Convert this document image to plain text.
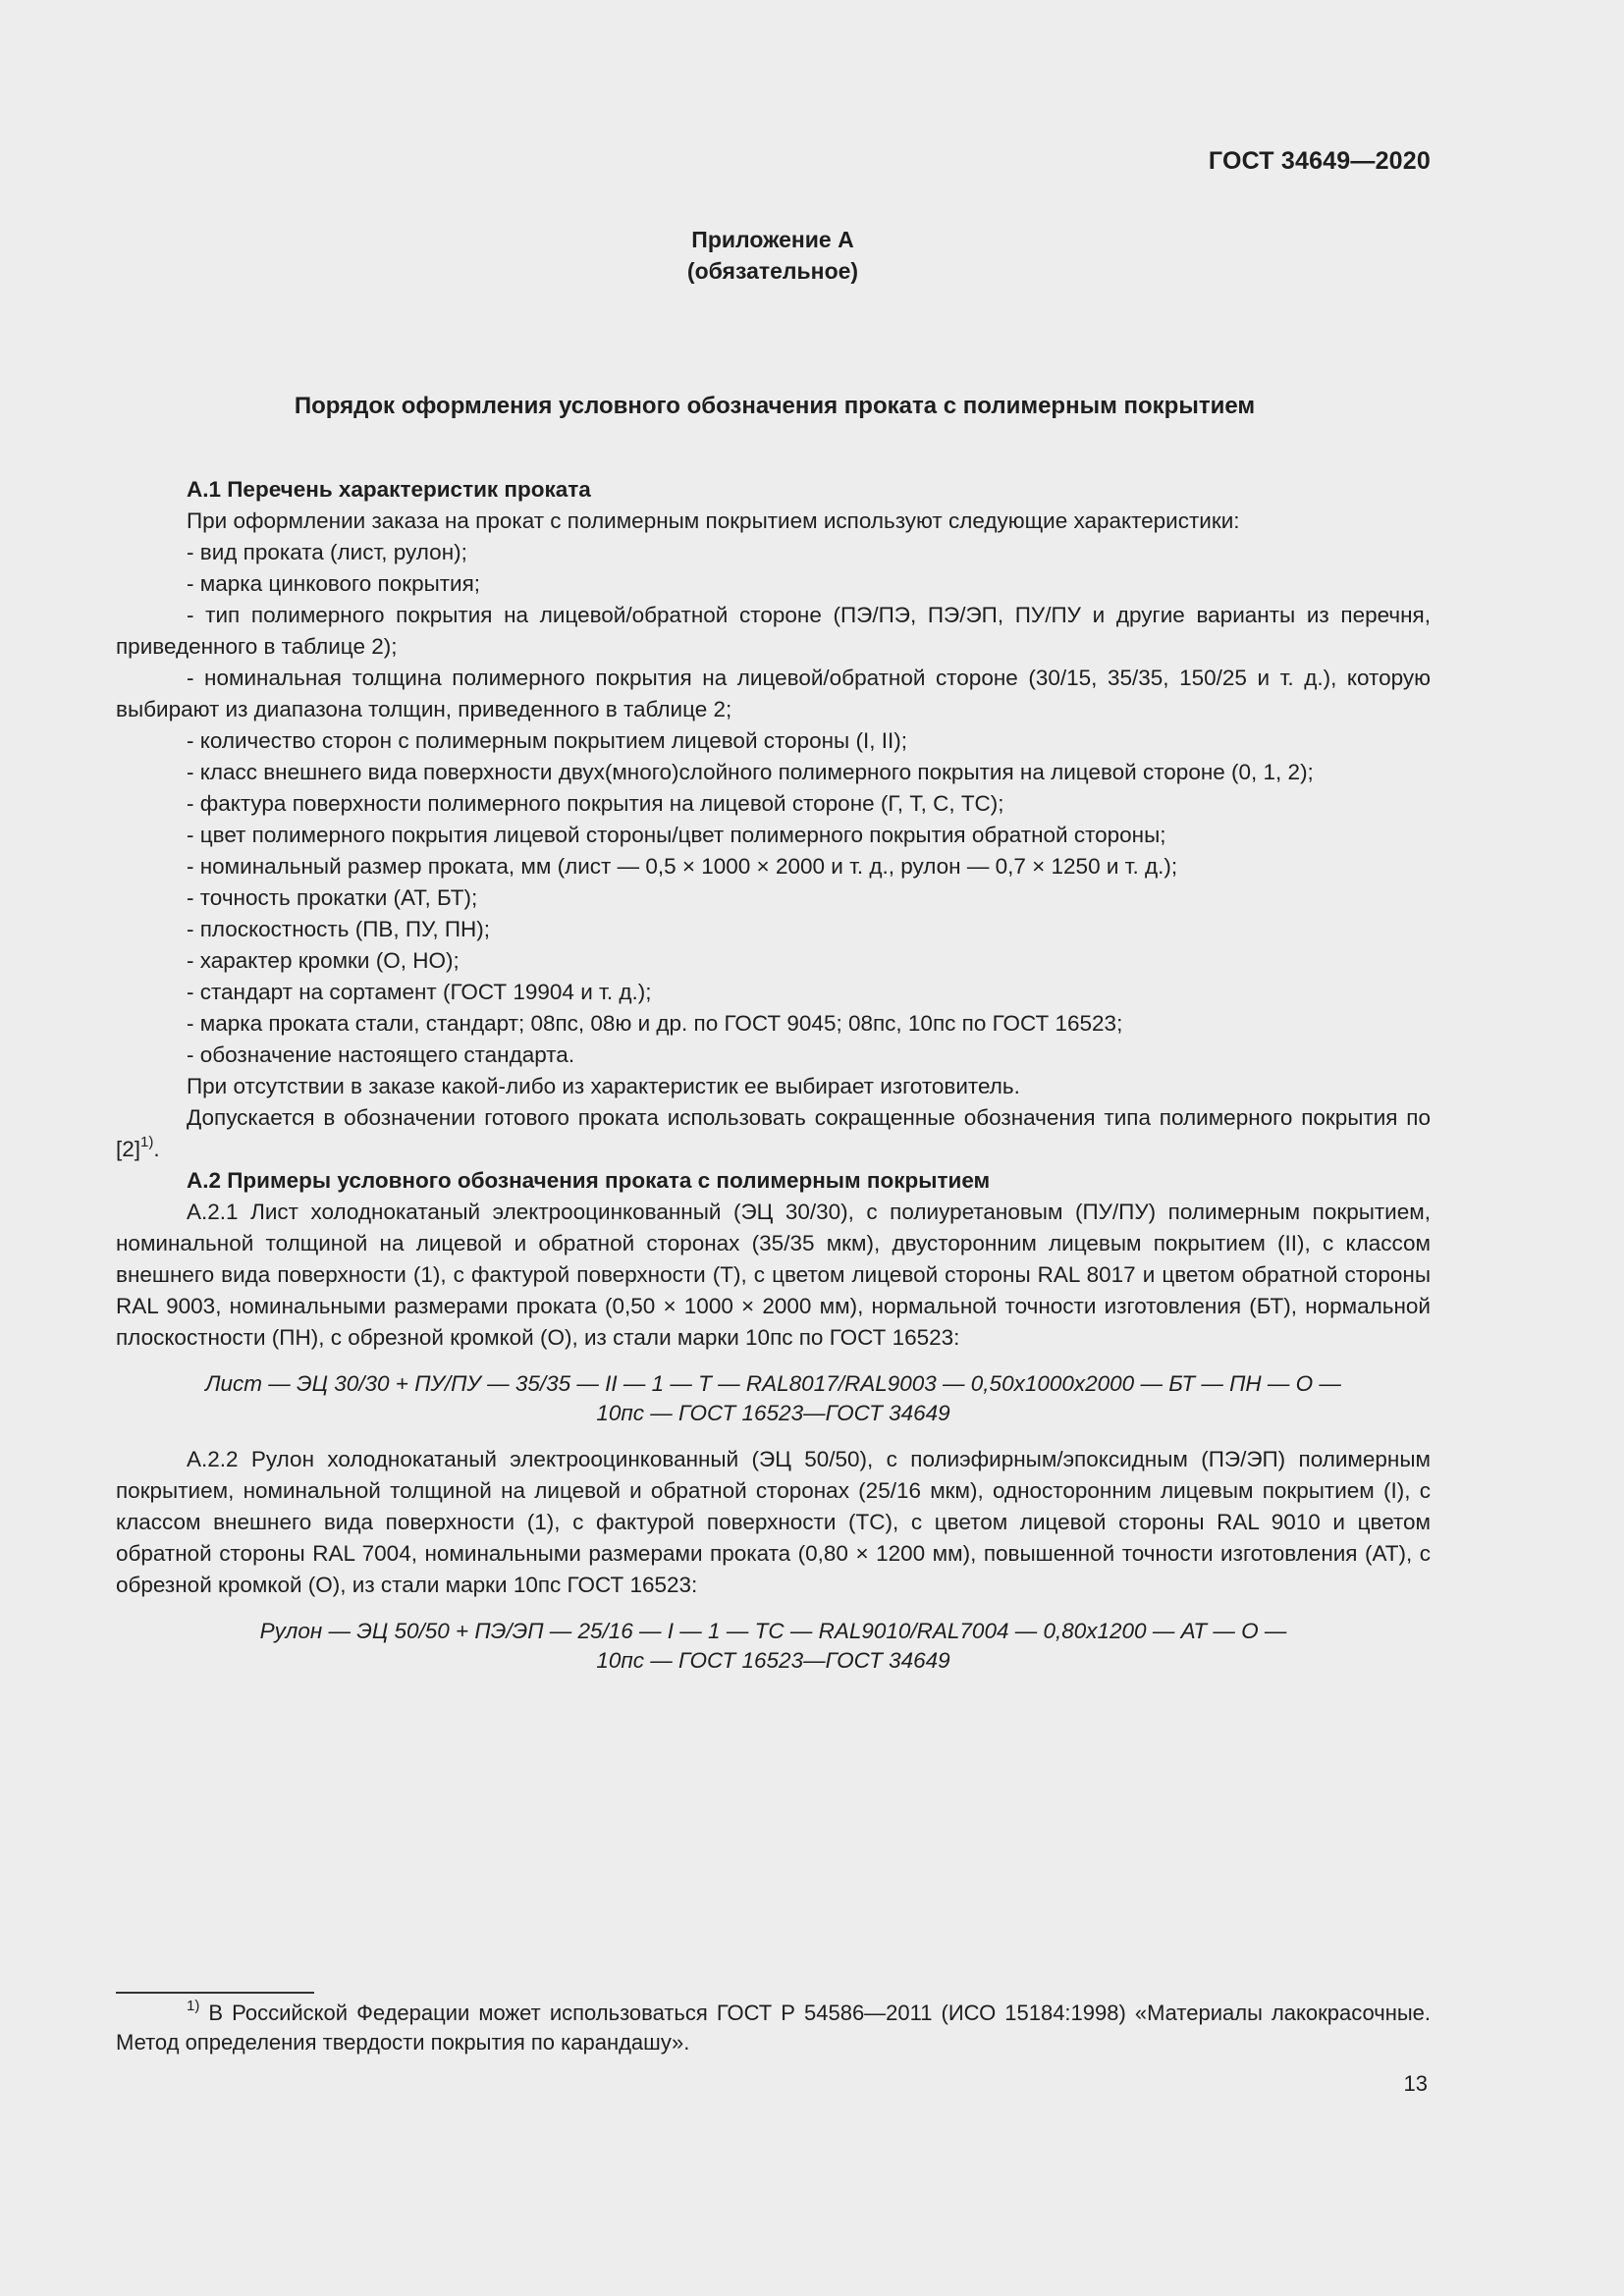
ГОСТ 34649—2020
Приложение А
(обязательное)
Порядок оформления условного обозначения проката с полимерным покрытием

А.1 Перечень характеристик проката

При оформлении заказа на прокат с полимерным покрытием используют следующие характеристики:

- вид проката (лист, рулон);

- марка цинкового покрытия;

- тип полимерного покрытия на лицевой/обратной стороне (ПЭ/ПЭ, ПЭ/ЭП, ПУ/ПУ и другие варианты из перечня, приведенного в таблице 2);

- номинальная толщина полимерного покрытия на лицевой/обратной стороне (30/15, 35/35, 150/25 и т. д.), которую выбирают из диапазона толщин, приведенного в таблице 2;

- количество сторон с полимерным покрытием лицевой стороны (I, II);

- класс внешнего вида поверхности двух(много)слойного полимерного покрытия на лицевой стороне (0, 1, 2);

- фактура поверхности полимерного покрытия на лицевой стороне (Г, Т, С, ТС);

- цвет полимерного покрытия лицевой стороны/цвет полимерного покрытия обратной стороны;

- номинальный размер проката, мм (лист — 0,5 × 1000 × 2000 и т. д., рулон — 0,7 × 1250 и т. д.);

- точность прокатки (АТ, БТ);

- плоскостность (ПВ, ПУ, ПН);

- характер кромки (О, НО);

- стандарт на сортамент (ГОСТ 19904 и т. д.);

- марка проката стали, стандарт; 08пс, 08ю и др. по ГОСТ 9045; 08пс, 10пс по ГОСТ 16523;

- обозначение настоящего стандарта.

При отсутствии в заказе какой-либо из характеристик ее выбирает изготовитель.

Допускается в обозначении готового проката использовать сокращенные обозначения типа полимерного покрытия по $[2]^{1)}$.

А.2 Примеры условного обозначения проката с полимерным покрытием

А.2.1 Лист холоднокатаный электрооцинкованный (ЭЦ 30/30), с полиуретановым (ПУ/ПУ) полимерным покрытием, номинальной толщиной на лицевой и обратной сторонах (35/35 мкм), двусторонним лицевым покрытием (II), с классом внешнего вида поверхности (1), с фактурой поверхности (Т), с цветом лицевой стороны RAL 8017 и цветом обратной стороны RAL 9003, номинальными размерами проката (0,50 × 1000 × 2000 мм), нормальной точности изготовления (БТ), нормальной плоскостности (ПН), с обрезной кромкой (О), из стали марки 10пс по ГОСТ 16523:

Лист — ЭЦ 30/30 + ПУ/ПУ — 35/35 — II — 1 — Т — RAL8017/RAL9003 — 0,50х1000х2000 — БТ — ПН — О —
10пс — ГОСТ 16523—ГОСТ 34649

А.2.2 Рулон холоднокатаный электрооцинкованный (ЭЦ 50/50), с полиэфирным/эпоксидным (ПЭ/ЭП) полимерным покрытием, номинальной толщиной на лицевой и обратной сторонах (25/16 мкм), односторонним лицевым покрытием (I), с классом внешнего вида поверхности (1), с фактурой поверхности (ТС), с цветом лицевой стороны RAL 9010 и цветом обратной стороны RAL 7004, номинальными размерами проката (0,80 × 1200 мм), повышенной точности изготовления (АТ), с обрезной кромкой (О), из стали марки 10пс ГОСТ 16523:

Рулон — ЭЦ 50/50 + ПЭ/ЭП — 25/16 — I — 1 — ТС — RAL9010/RAL7004 — 0,80х1200 — АТ — О —
10пс — ГОСТ 16523—ГОСТ 34649

$^{1)}$ В Российской Федерации может использоваться ГОСТ Р 54586—2011 (ИСО 15184:1998) «Материалы лакокрасочные. Метод определения твердости покрытия по карандашу».

13
